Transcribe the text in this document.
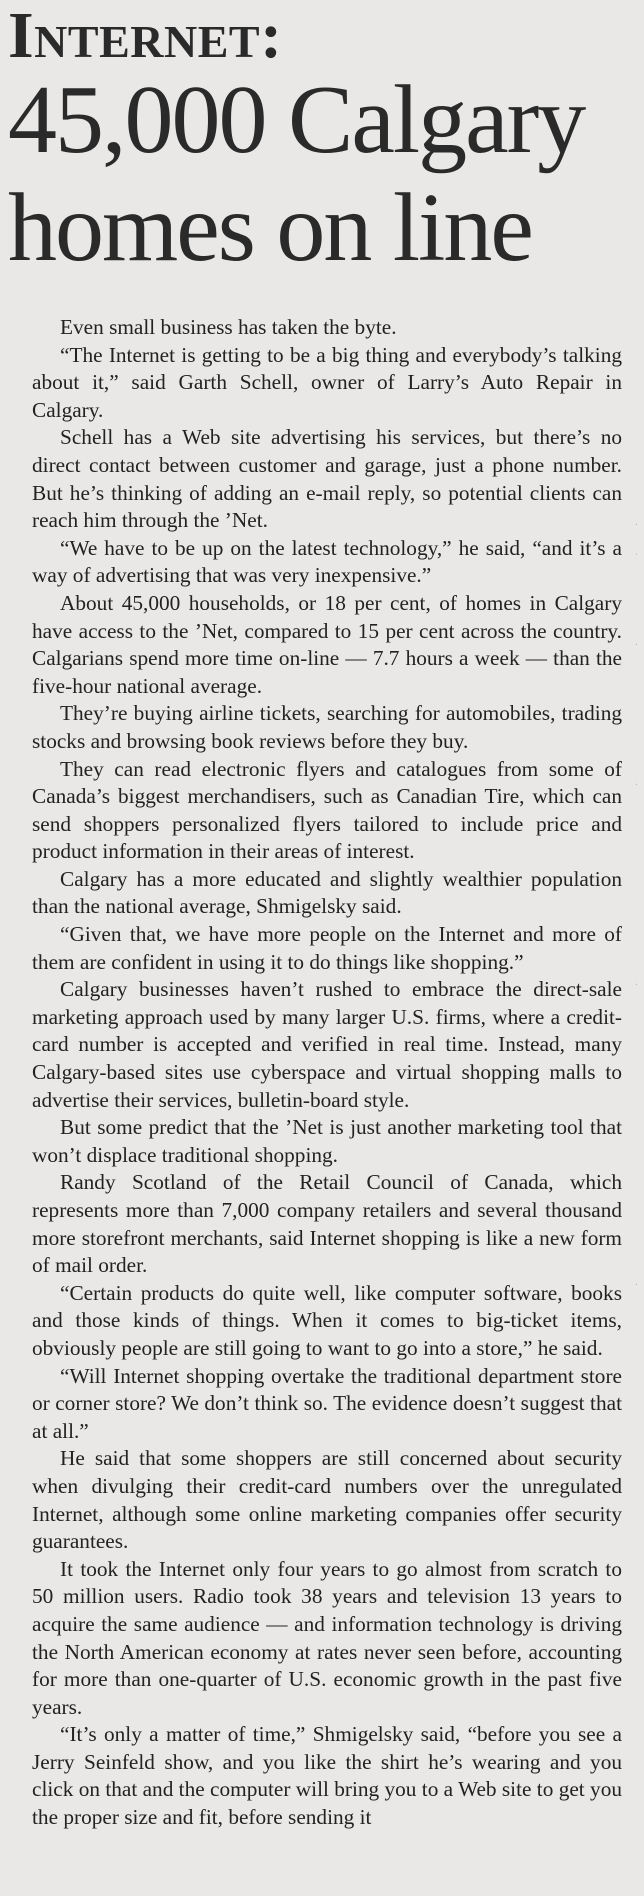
Internet:
45,000 Calgary homes on line

Even small business has taken the byte.

“The Internet is getting to be a big thing and everybody’s talking about it,” said Garth Schell, owner of Larry’s Auto Repair in Calgary.

Schell has a Web site advertising his services, but there’s no direct contact between customer and garage, just a phone number. But he’s thinking of adding an e-mail reply, so potential clients can reach him through the ’Net.

“We have to be up on the latest technology,” he said, “and it’s a way of advertising that was very inexpensive.”

About 45,000 households, or 18 per cent, of homes in Calgary have access to the ’Net, compared to 15 per cent across the country. Calgarians spend more time on-line — 7.7 hours a week — than the five-hour national average.

They’re buying airline tickets, searching for automobiles, trading stocks and browsing book reviews before they buy.

They can read electronic flyers and catalogues from some of Canada’s biggest merchandisers, such as Canadian Tire, which can send shoppers personalized flyers tailored to include price and product information in their areas of interest.

Calgary has a more educated and slightly wealthier population than the national average, Shmigelsky said.

“Given that, we have more people on the Internet and more of them are confident in using it to do things like shopping.”

Calgary businesses haven’t rushed to embrace the direct-sale marketing approach used by many larger U.S. firms, where a credit-card number is accepted and verified in real time. Instead, many Calgary-based sites use cyberspace and virtual shopping malls to advertise their services, bulletin-board style.

But some predict that the ’Net is just another marketing tool that won’t displace traditional shopping.

Randy Scotland of the Retail Council of Canada, which represents more than 7,000 company retailers and several thousand more storefront merchants, said Internet shopping is like a new form of mail order.

“Certain products do quite well, like computer software, books and those kinds of things. When it comes to big-ticket items, obviously people are still going to want to go into a store,” he said.

“Will Internet shopping overtake the traditional department store or corner store? We don’t think so. The evidence doesn’t suggest that at all.”

He said that some shoppers are still concerned about security when divulging their credit-card numbers over the unregulated Internet, although some online marketing companies offer security guarantees.

It took the Internet only four years to go almost from scratch to 50 million users. Radio took 38 years and television 13 years to acquire the same audience — and information technology is driving the North American economy at rates never seen before, accounting for more than one-quarter of U.S. economic growth in the past five years.

“It’s only a matter of time,” Shmigelsky said, “before you see a Jerry Seinfeld show, and you like the shirt he’s wearing and you click on that and the computer will bring you to a Web site to get you the proper size and fit, before sending it

·
·
·
·
·
·
